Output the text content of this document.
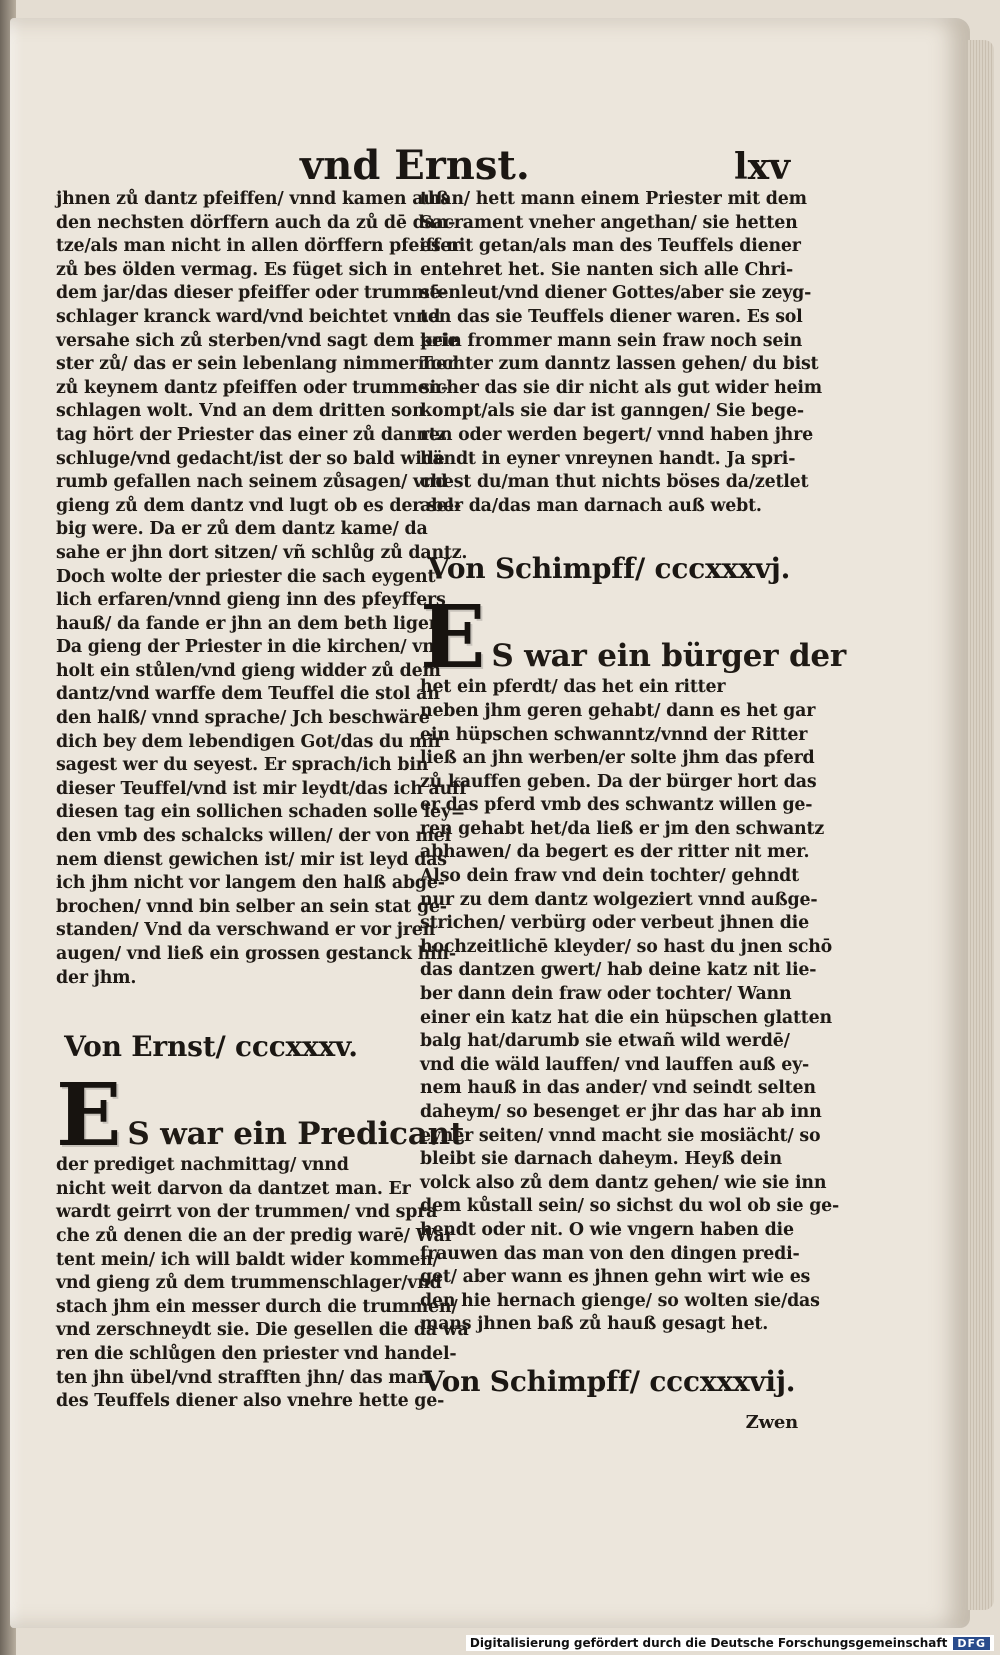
vnd Ernst.	lxv

jhnen zů dantz pfeiffen/ vnnd kamen auß

den nechsten dörffern auch da zů dē dan-

tze/als man nicht in allen dörffern pfeiffer

zů bes ölden vermag. Es füget sich in

dem jar/das dieser pfeiffer oder trummē-

schlager kranck ward/vnd beichtet vnnd

versahe sich zů sterben/vnd sagt dem prie

ster zů/ das er sein lebenlang nimmermer

zů keynem dantz pfeiffen oder trummen-

schlagen wolt. Vnd an dem dritten son

tag hört der Priester das einer zů danntz

schluge/vnd gedacht/ist der so bald wide

rumb gefallen nach seinem zůsagen/ vnd

gieng zů dem dantz vnd lugt ob es der sel-

big were. Da er zů dem dantz kame/ da

sahe er jhn dort sitzen/ vñ schlůg zů dantz.

Doch wolte der priester die sach eygent-

lich erfaren/vnnd gieng inn des pfeyffers

hauß/ da fande er jhn an dem beth ligen.

Da gieng der Priester in die kirchen/ vnd

holt ein stůlen/vnd gieng widder zů dem

dantz/vnd warffe dem Teuffel die stol an

den halß/ vnnd sprache/ Jch beschwäre

dich bey dem lebendigen Got/das du mir

sagest wer du seyest. Er sprach/ich bin

dieser Teuffel/vnd ist mir leydt/das ich auff

diesen tag ein sollichen schaden solle ley=

den vmb des schalcks willen/ der von mei

nem dienst gewichen ist/ mir ist leyd das

ich jhm nicht vor langem den halß abge-

brochen/ vnnd bin selber an sein stat ge-

standen/ Vnd da verschwand er vor jren

augen/ vnd ließ ein grossen gestanck hin-

der jhm.

Von Ernst/ cccxxxv.
E S war ein Predicant

der prediget nachmittag/ vnnd

nicht weit darvon da dantzet man. Er

wardt geirrt von der trummen/ vnd spra

che zů denen die an der predig warē/ War

tent mein/ ich will baldt wider kommen/

vnd gieng zů dem trummenschlager/vnd

stach jhm ein messer durch die trummen/

vnd zerschneydt sie. Die gesellen die da wa

ren die schlůgen den priester vnd handel-

ten jhn übel/vnd strafften jhn/ das man

des Teuffels diener also vnehre hette ge-

than/ hett mann einem Priester mit dem

Sacrament vneher angethan/ sie hetten

es nit getan/als man des Teuffels diener

entehret het. Sie nanten sich alle Chri-

stenleut/vnd diener Gottes/aber sie zeyg-

ten das sie Teuffels diener waren. Es sol

kein frommer mann sein fraw noch sein

Tochter zum danntz lassen gehen/ du bist

sicher das sie dir nicht als gut wider heim

kompt/als sie dar ist ganngen/ Sie bege-

ren oder werden begert/ vnnd haben jhre

händt in eyner vnreynen handt. Ja spri-

chest du/man thut nichts böses da/zetlet

aber da/das man darnach auß webt.

Von Schimpff/ cccxxxvj.
E S war ein bürger der

het ein pferdt/ das het ein ritter

neben jhm geren gehabt/ dann es het gar

ein hüpschen schwanntz/vnnd der Ritter

ließ an jhn werben/er solte jhm das pferd

zů kauffen geben. Da der bürger hort das

er das pferd vmb des schwantz willen ge-

ren gehabt het/da ließ er jm den schwantz

abhawen/ da begert es der ritter nit mer.

Also dein fraw vnd dein tochter/ gehndt

nur zu dem dantz wolgeziert vnnd außge-

strichen/ verbürg oder verbeut jhnen die

hochzeitlichē kleyder/ so hast du jnen schō

das dantzen gwert/ hab deine katz nit lie-

ber dann dein fraw oder tochter/ Wann

einer ein katz hat die ein hüpschen glatten

balg hat/darumb sie etwañ wild werdē/

vnd die wäld lauffen/ vnd lauffen auß ey-

nem hauß in das ander/ vnd seindt selten

daheym/ so besenget er jhr das har ab inn

eyner seiten/ vnnd macht sie mosiächt/ so

bleibt sie darnach daheym. Heyß dein

volck also zů dem dantz gehen/ wie sie inn

dem kůstall sein/ so sichst du wol ob sie ge-

hendt oder nit. O wie vngern haben die

frauwen das man von den dingen predi-

get/ aber wann es jhnen gehn wirt wie es

den hie hernach gienge/ so wolten sie/das

mans jhnen baß zů hauß gesagt het.

Von Schimpff/ cccxxxvij.
Zwen
Digitalisierung gefördert durch die Deutsche Forschungsgemeinschaft DFG
